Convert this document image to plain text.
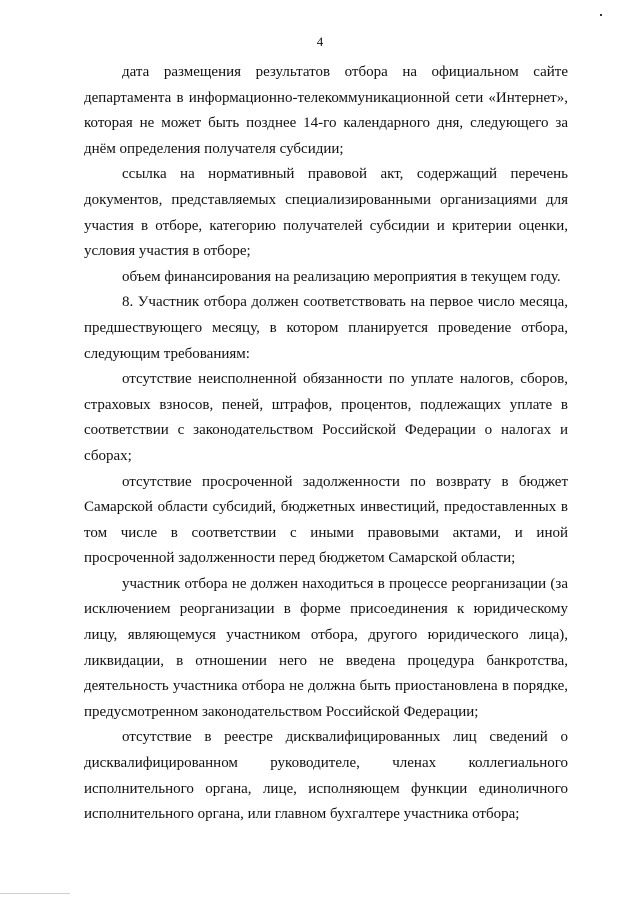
4

дата размещения результатов отбора на официальном сайте департамента в информационно-телекоммуникационной сети «Интернет», которая не может быть позднее 14-го календарного дня, следующего за днём определения получателя субсидии;

ссылка на нормативный правовой акт, содержащий перечень документов, представляемых специализированными организациями для участия в отборе, категорию получателей субсидии и критерии оценки, условия участия в отборе;

объем финансирования на реализацию мероприятия в текущем году.

8. Участник отбора должен соответствовать на первое число месяца, предшествующего месяцу, в котором планируется проведение отбора, следующим требованиям:

отсутствие неисполненной обязанности по уплате налогов, сборов, страховых взносов, пеней, штрафов, процентов, подлежащих уплате в соответствии с законодательством Российской Федерации о налогах и сборах;

отсутствие просроченной задолженности по возврату в бюджет Самарской области субсидий, бюджетных инвестиций, предоставленных в том числе в соответствии с иными правовыми актами, и иной просроченной задолженности перед бюджетом Самарской области;

участник отбора не должен находиться в процессе реорганизации (за исключением реорганизации в форме присоединения к юридическому лицу, являющемуся участником отбора, другого юридического лица), ликвидации, в отношении него не введена процедура банкротства, деятельность участника отбора не должна быть приостановлена в порядке, предусмотренном законодательством Российской Федерации;

отсутствие в реестре дисквалифицированных лиц сведений о дисквалифицированном руководителе, членах коллегиального исполнительного органа, лице, исполняющем функции единоличного исполнительного органа, или главном бухгалтере участника отбора;
